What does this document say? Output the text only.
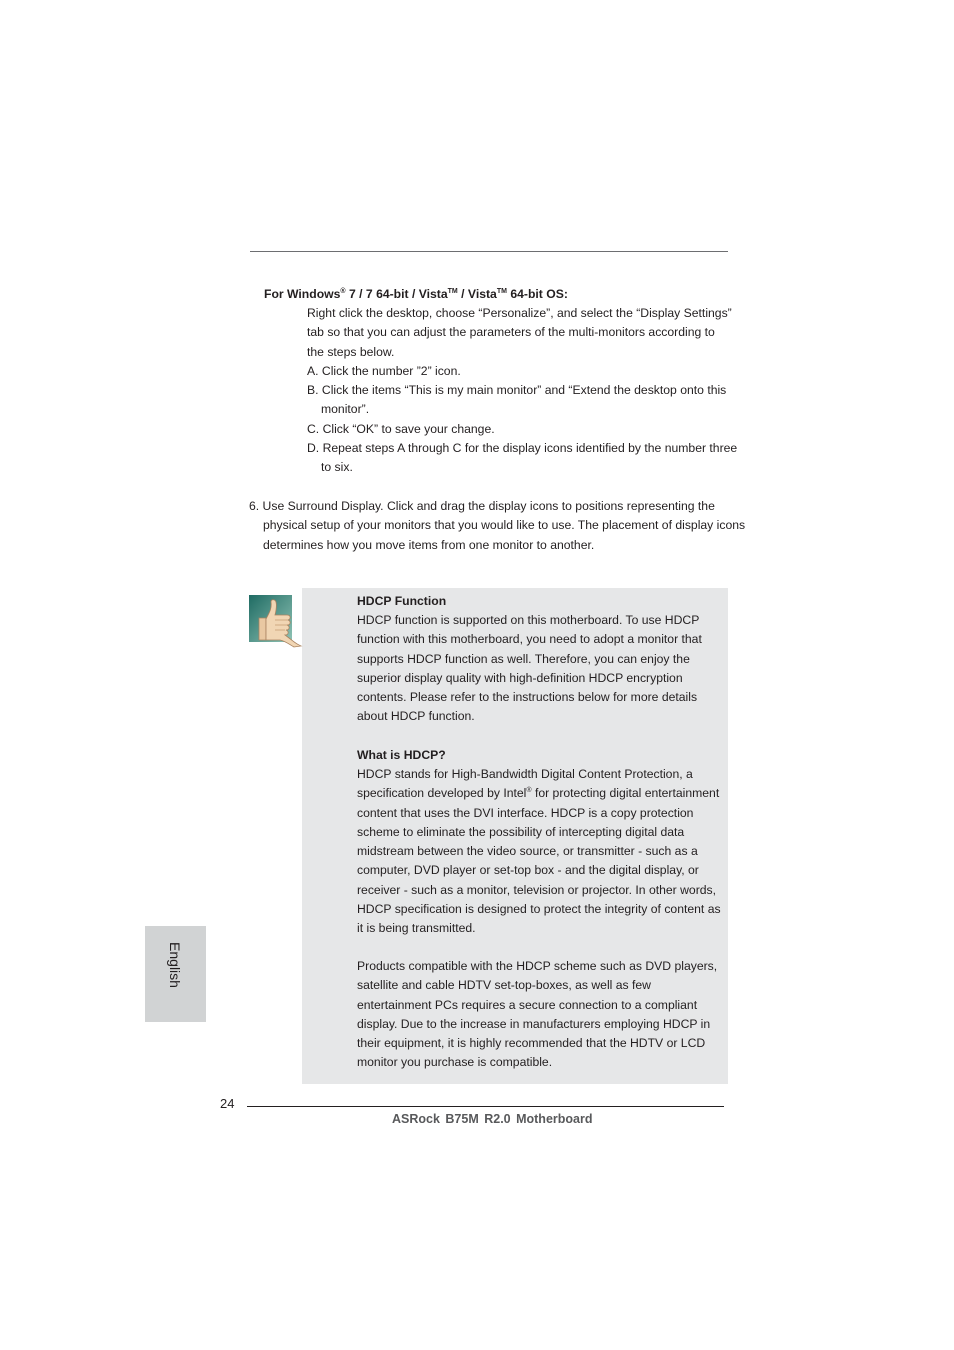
For Windows® 7 / 7 64-bit / Vista™ / Vista™ 64-bit OS:

Right click the desktop, choose “Personalize”, and select the “Display Settings” tab so that you can adjust the parameters of the multi-monitors according to the steps below.

A. Click the number ”2” icon.
B. Click the items “This is my main monitor” and “Extend the desktop onto this monitor”.
C. Click “OK” to save your change.
D. Repeat steps A through C for the display icons identified by the number three to six.

6. Use Surround Display. Click and drag the display icons to positions representing the physical setup of your monitors that you would like to use. The placement of display icons determines how you move items from one monitor to another.

HDCP Function

HDCP function is supported on this motherboard. To use HDCP function with this motherboard, you need to adopt a monitor that supports HDCP function as well. Therefore, you can enjoy the superior display quality with high-definition HDCP encryption contents. Please refer to the instructions below for more details about HDCP function.

What is HDCP?

HDCP stands for High-Bandwidth Digital Content Protection, a specification developed by Intel® for protecting digital entertainment content that uses the DVI interface. HDCP is a copy protection scheme to eliminate the possibility of intercepting digital data midstream between the video source, or transmitter - such as a computer, DVD player or set-top box - and the digital display, or receiver - such as a monitor, television or projector. In other words, HDCP specification is designed to protect the integrity of content as it is being transmitted.

Products compatible with the HDCP scheme such as DVD players, satellite and cable HDTV set-top-boxes, as well as few entertainment PCs requires a secure connection to a compliant display. Due to the increase in manufacturers employing HDCP in their equipment, it is highly recommended that the HDTV or LCD monitor you purchase is compatible.

English
24
ASRock B75M R2.0 Motherboard
